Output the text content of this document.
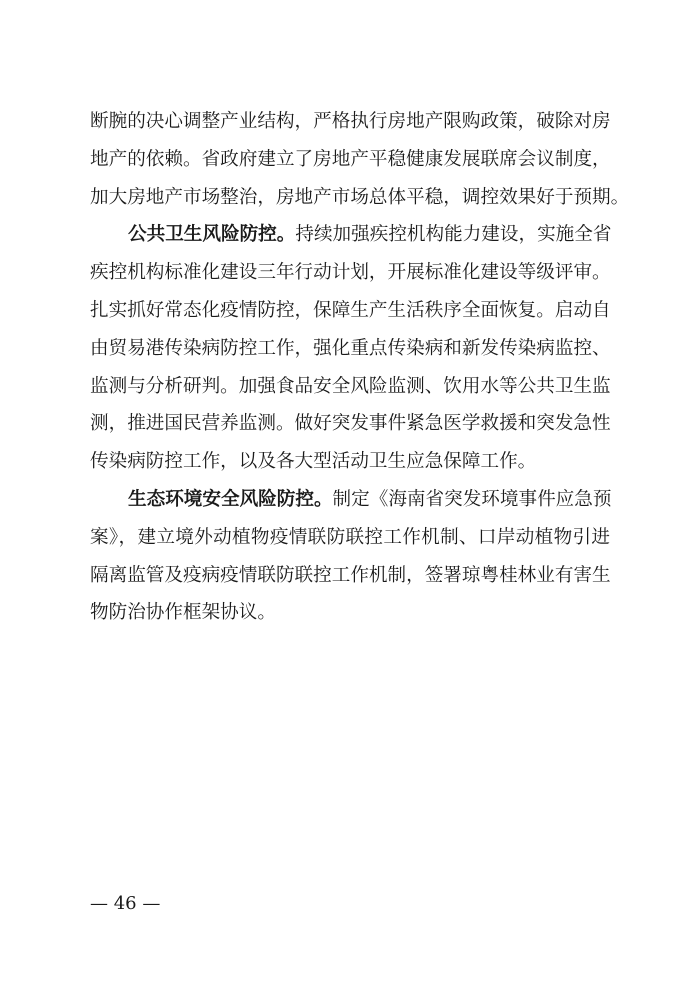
断腕的决心调整产业结构，严格执行房地产限购政策，破除对房
地产的依赖。省政府建立了房地产平稳健康发展联席会议制度，
加大房地产市场整治，房地产市场总体平稳，调控效果好于预期。
公共卫生风险防控。持续加强疾控机构能力建设，实施全省
疾控机构标准化建设三年行动计划，开展标准化建设等级评审。
扎实抓好常态化疫情防控，保障生产生活秩序全面恢复。启动自
由贸易港传染病防控工作，强化重点传染病和新发传染病监控、
监测与分析研判。加强食品安全风险监测、饮用水等公共卫生监
测，推进国民营养监测。做好突发事件紧急医学救援和突发急性
传染病防控工作，以及各大型活动卫生应急保障工作。
生态环境安全风险防控。制定《海南省突发环境事件应急预
案》，建立境外动植物疫情联防联控工作机制、口岸动植物引进
隔离监管及疫病疫情联防联控工作机制，签署琼粤桂林业有害生
物防治协作框架协议。
— 46 —
